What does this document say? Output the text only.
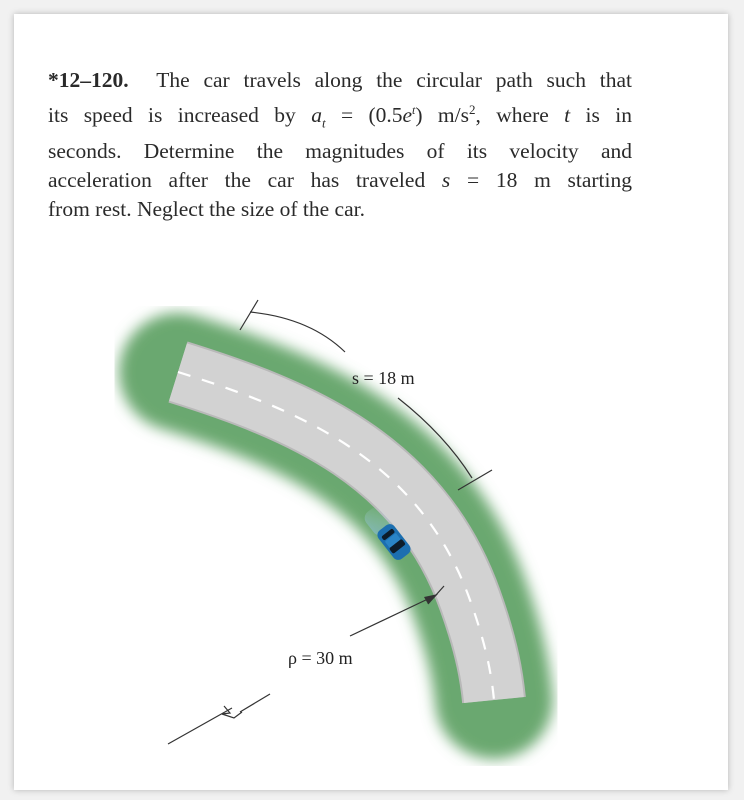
*12–120. The car travels along the circular path such that
its speed is increased by $a_t = (0.5e^t)$ $m/s^2$, where t is in
seconds. Determine the magnitudes of its velocity and
acceleration after the car has traveled s = 18 m starting
from rest. Neglect the size of the car.
s = 18 m
ρ = 30 m
